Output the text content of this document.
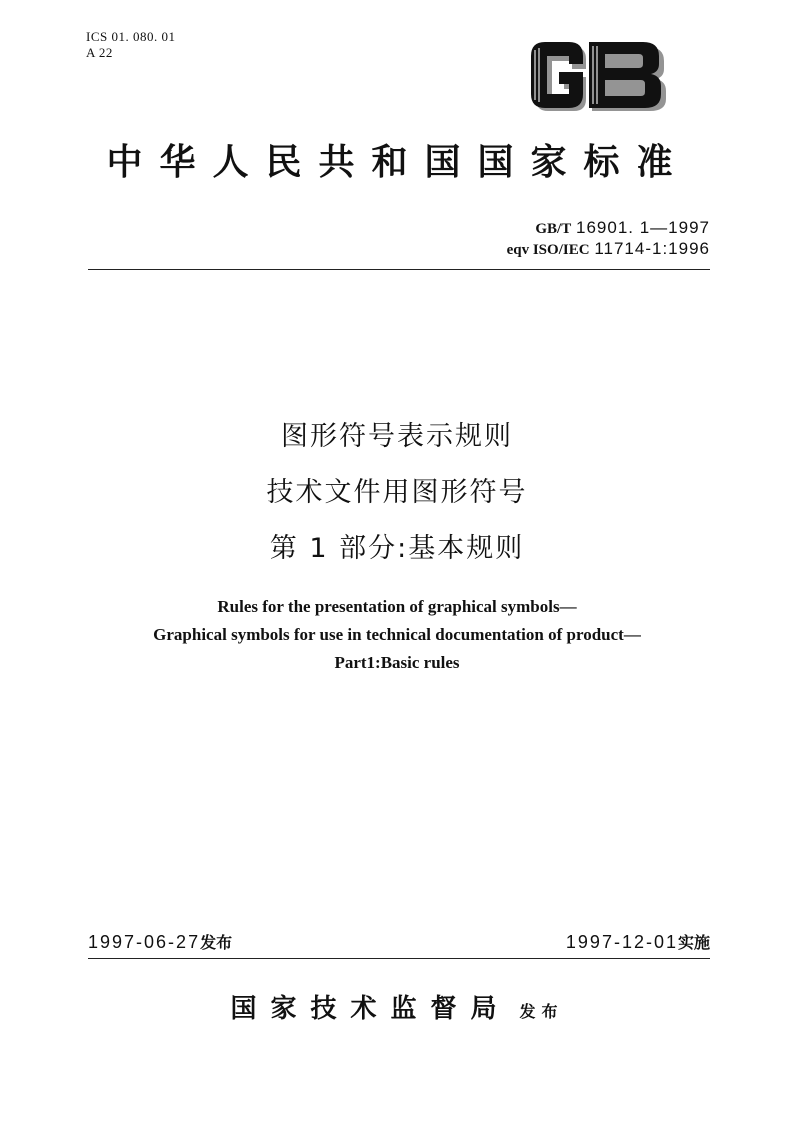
ICS 01. 080. 01
A 22
中华人民共和国国家标准
GB/T 16901. 1—1997
eqv ISO/IEC 11714-1:1996
图形符号表示规则
技术文件用图形符号
第 1 部分:基本规则
Rules for the presentation of graphical symbols—
Graphical symbols for use in technical documentation of product—
Part1:Basic rules
1997-06-27发布	1997-12-01实施
国家技术监督局 发布
